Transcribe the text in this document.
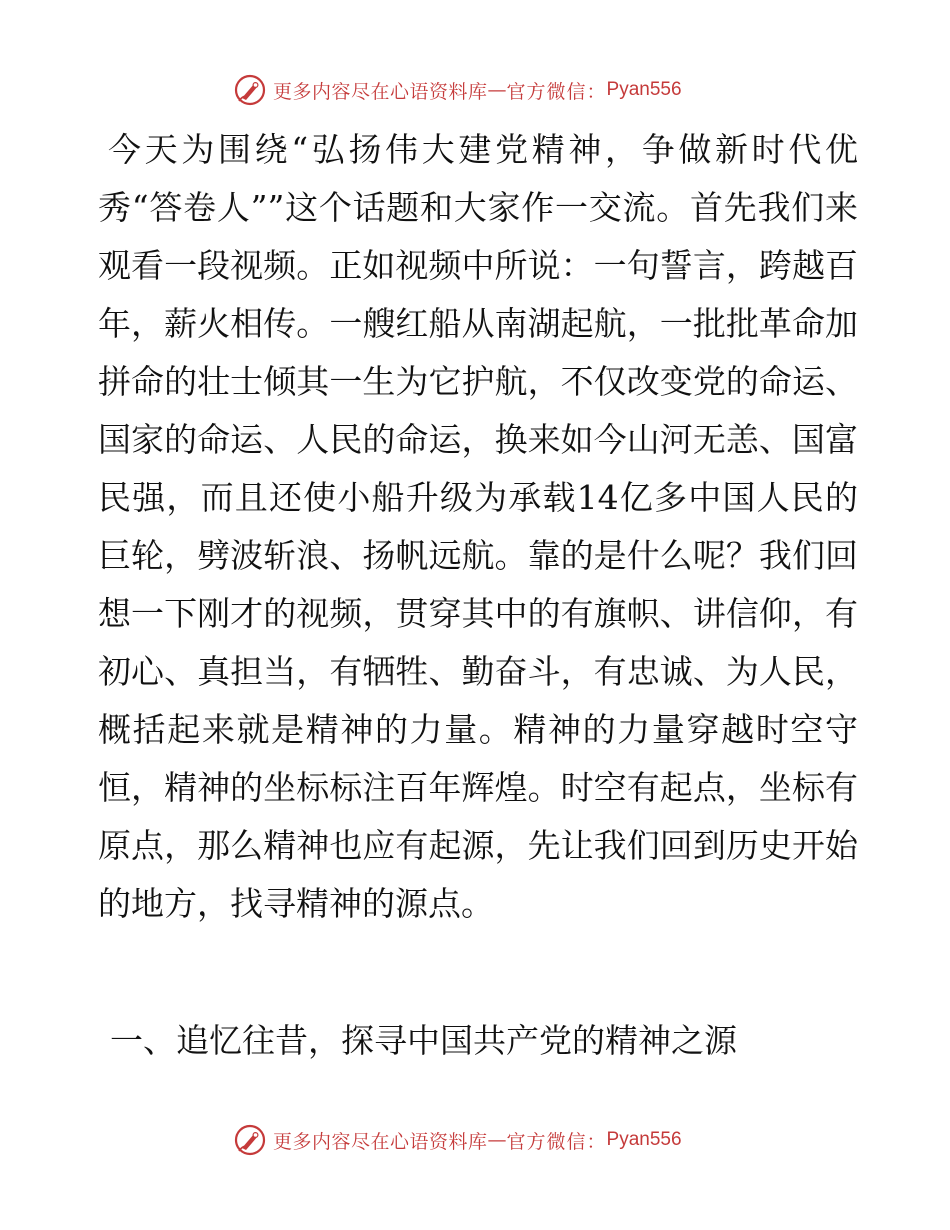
更多内容尽在心语资料库 — 官方微信： Pyan556

今天为围绕“弘扬伟大建党精神，争做新时代优秀“答卷人””这个话题和大家作一交流。首先我们来观看一段视频。正如视频中所说：一句誓言，跨越百年，薪火相传。一艘红船从南湖起航，一批批革命加拼命的壮士倾其一生为它护航，不仅改变党的命运、国家的命运、人民的命运，换来如今山河无恙、国富民强，而且还使小船升级为承载14亿多中国人民的巨轮，劈波斩浪、扬帆远航。靠的是什么呢？我们回想一下刚才的视频，贯穿其中的有旗帜、讲信仰，有初心、真担当，有牺牲、勤奋斗，有忠诚、为人民，概括起来就是精神的力量。精神的力量穿越时空守恒，精神的坐标标注百年辉煌。时空有起点，坐标有原点，那么精神也应有起源，先让我们回到历史开始的地方，找寻精神的源点。

一、追忆往昔，探寻中国共产党的精神之源

更多内容尽在心语资料库 — 官方微信： Pyan556
